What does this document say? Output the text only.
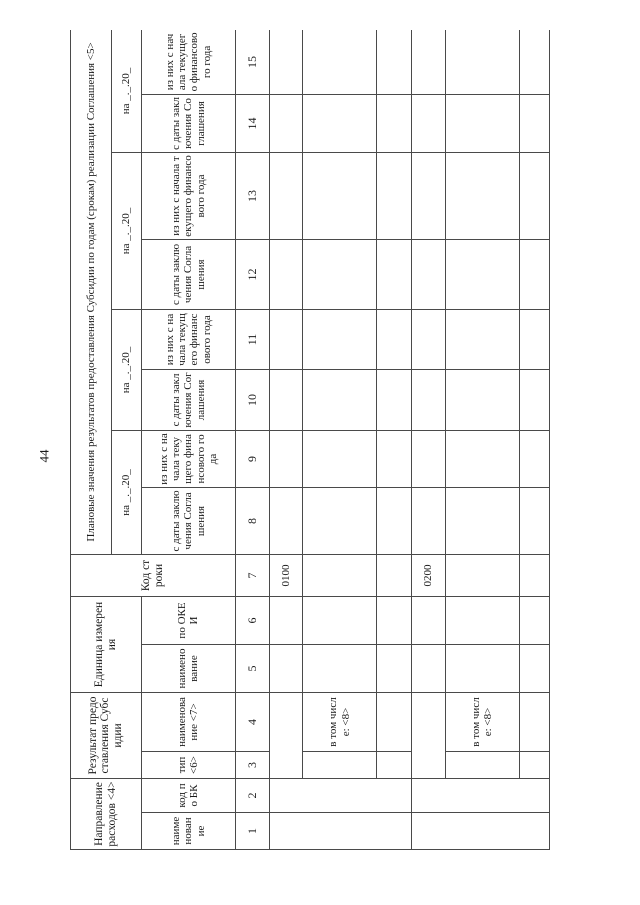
44
Направление расходов <4>		Результат предоставления Субсидии		Единица измерения		Код строки	Плановые значения результатов предоставления Субсидии по годам (срокам) реализации Соглашения <5>							
							на _._.20_		на _._.20_		на _._.20_		на _._.20_	
наименование	код по БК	тип <6>	наименование <7>	наименование	по ОКЕИ		с даты заключения Соглашения	из них с начала текущего финансового года	с даты заключения Соглашения	из них с начала текущего финансового года	с даты заключения Соглашения	из них с начала текущего финансового года	с даты заключения Соглашения	из них с начала текущего финансового года
1	2	3	4	5	6	7	8	9	10	11	12	13	14	15
						0100								
			в том числе: <8>											

						0200								
			в том числе: <8>											
